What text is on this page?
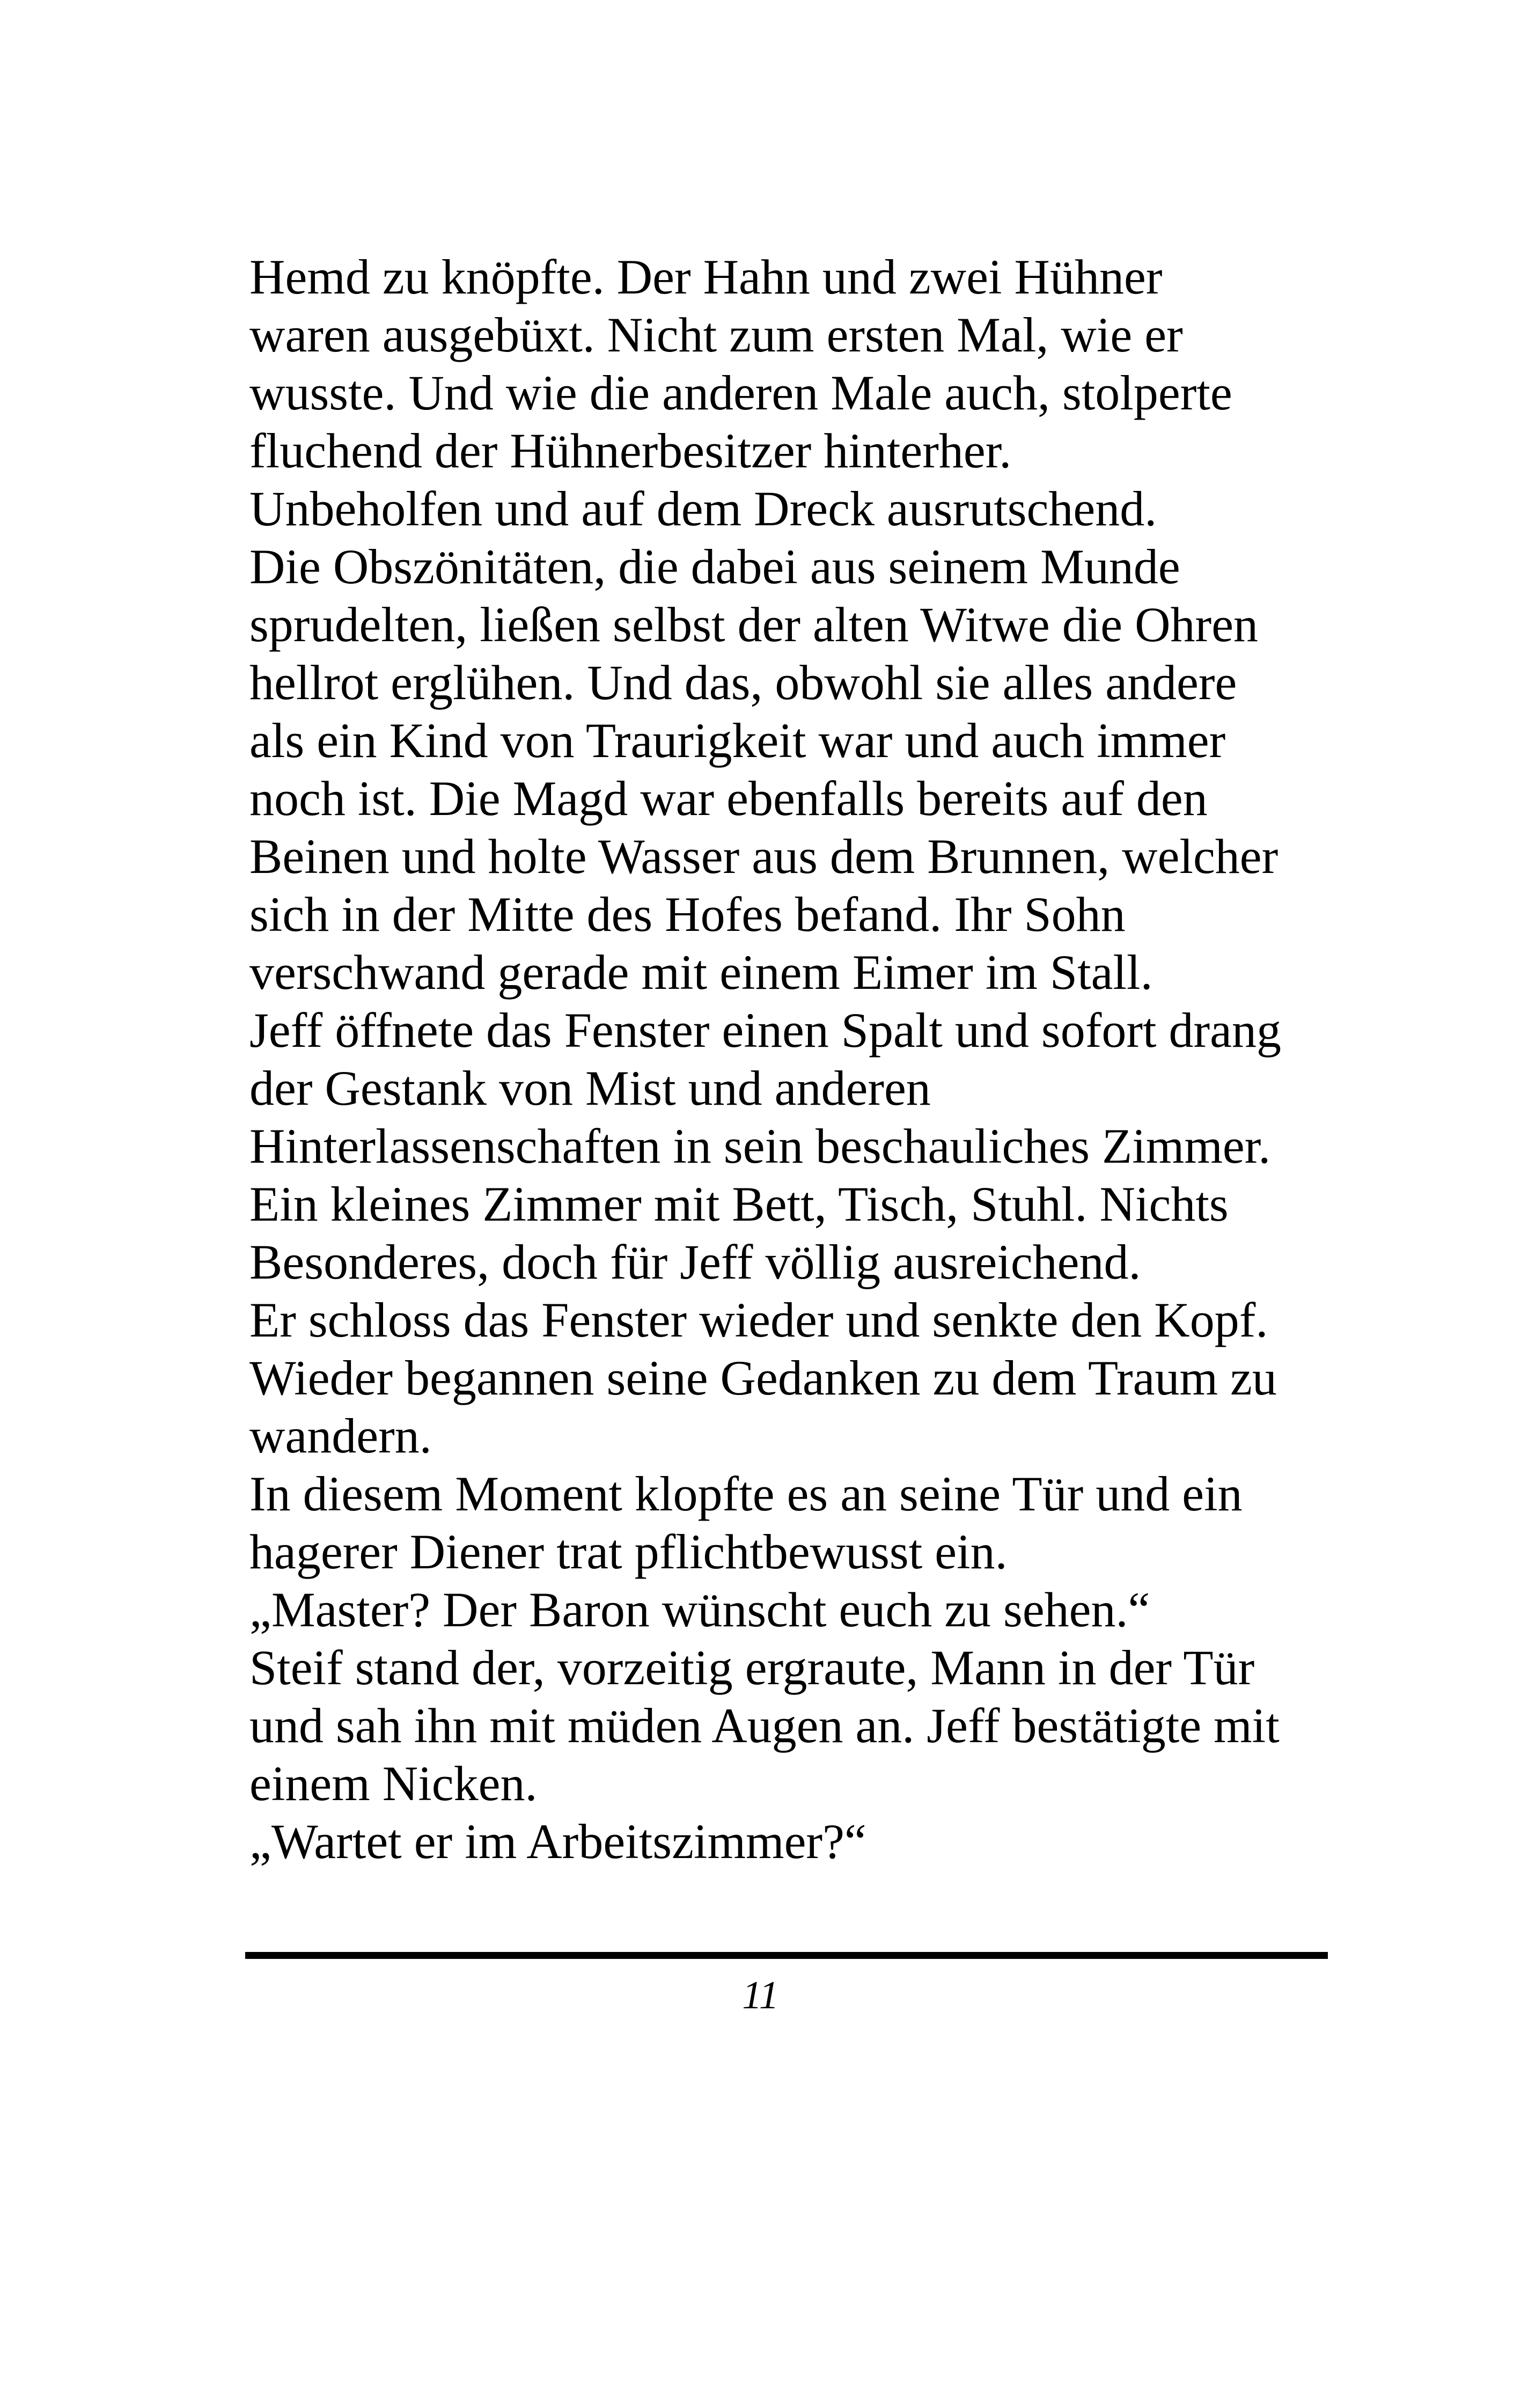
Hemd zu knöpfte. Der Hahn und zwei Hühner
waren ausgebüxt. Nicht zum ersten Mal, wie er
wusste. Und wie die anderen Male auch, stolperte
fluchend der Hühnerbesitzer hinterher.
Unbeholfen und auf dem Dreck ausrutschend.
Die Obszönitäten, die dabei aus seinem Munde
sprudelten, ließen selbst der alten Witwe die Ohren
hellrot erglühen. Und das, obwohl sie alles andere
als ein Kind von Traurigkeit war und auch immer
noch ist. Die Magd war ebenfalls bereits auf den
Beinen und holte Wasser aus dem Brunnen, welcher
sich in der Mitte des Hofes befand. Ihr Sohn
verschwand gerade mit einem Eimer im Stall.
Jeff öffnete das Fenster einen Spalt und sofort drang
der Gestank von Mist und anderen
Hinterlassenschaften in sein beschauliches Zimmer.
Ein kleines Zimmer mit Bett, Tisch, Stuhl. Nichts
Besonderes, doch für Jeff völlig ausreichend.
Er schloss das Fenster wieder und senkte den Kopf.
Wieder begannen seine Gedanken zu dem Traum zu
wandern.
In diesem Moment klopfte es an seine Tür und ein
hagerer Diener trat pflichtbewusst ein.
„Master? Der Baron wünscht euch zu sehen.“
Steif stand der, vorzeitig ergraute, Mann in der Tür
und sah ihn mit müden Augen an. Jeff bestätigte mit
einem Nicken.
„Wartet er im Arbeitszimmer?“
11
